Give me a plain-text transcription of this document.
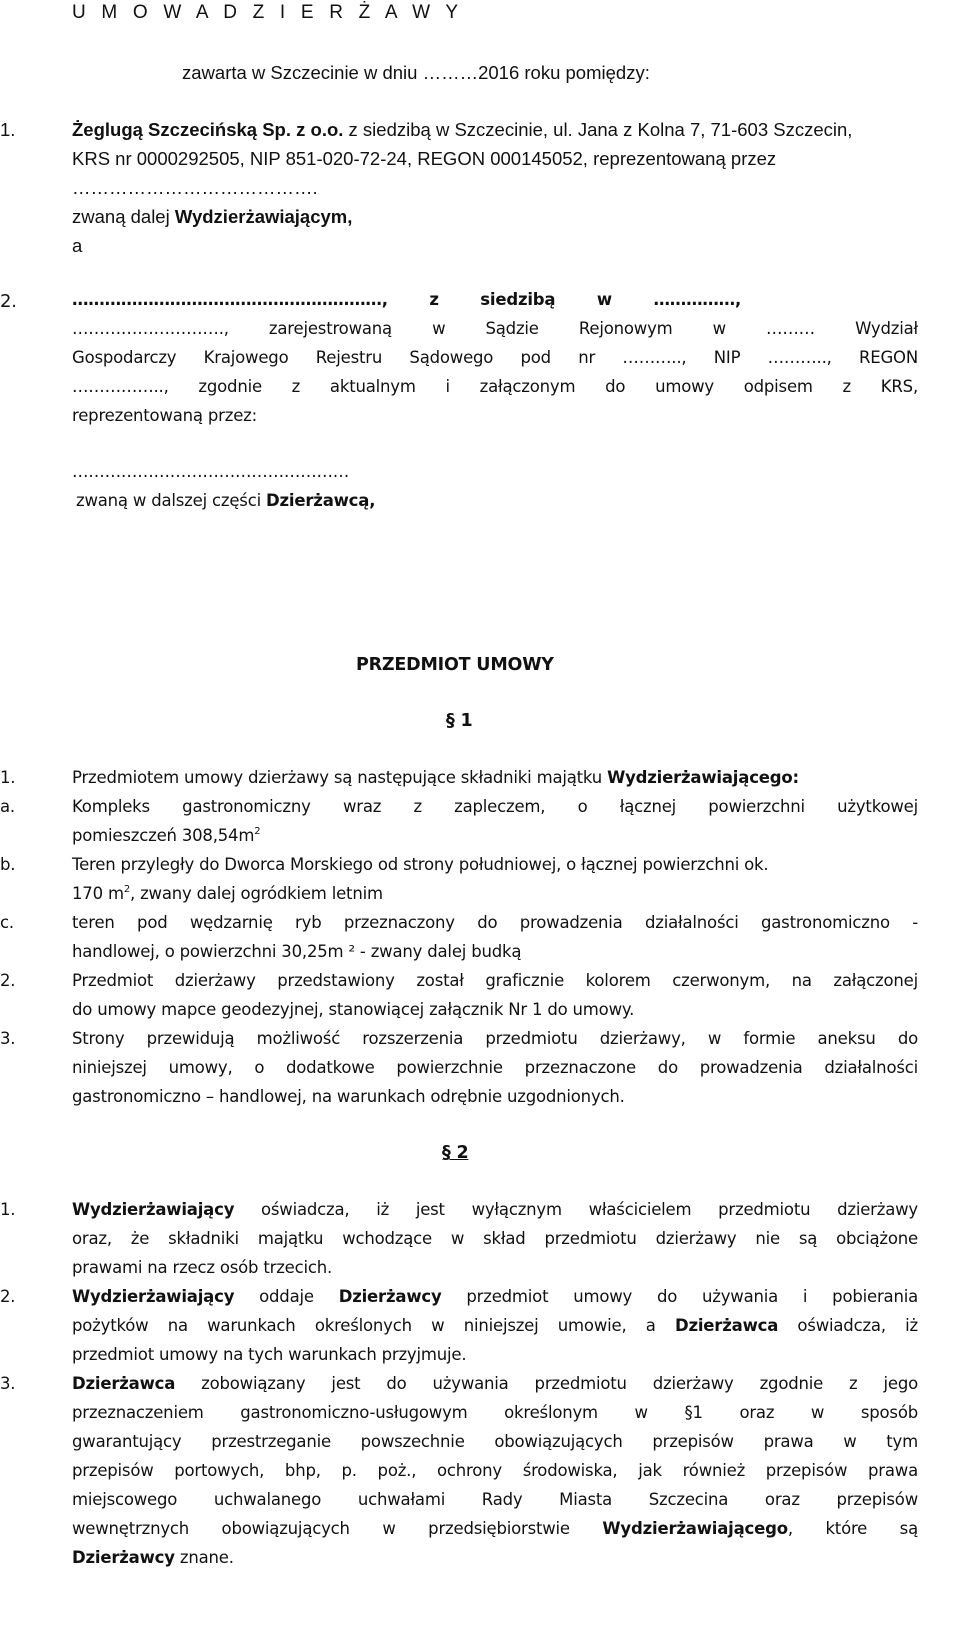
U M O W A D Z I E R Ż A W Y
zawarta w Szczecinie w dniu ………2016 roku pomiędzy:
1.	Żeglugą Szczecińską Sp. z o.o. z siedzibą w Szczecinie, ul. Jana z Kolna 7, 71-603 Szczecin,
KRS nr 0000292505, NIP 851-020-72-24, REGON 000145052, reprezentowaną przez
………………………………….
zwaną dalej Wydzierżawiającym,
a
2.	…………………………………………………, z siedzibą w ……………,
………………………., zarejestrowaną w Sądzie Rejonowym w ……… Wydział
Gospodarczy Krajowego Rejestru Sądowego pod nr ……….., NIP ……….., REGON
…………….., zgodnie z aktualnym i załączonym do umowy odpisem z KRS,
reprezentowaną przez:
……………………………………………
zwaną w dalszej części Dzierżawcą,
PRZEDMIOT UMOWY
§ 1
1.	Przedmiotem umowy dzierżawy są następujące składniki majątku Wydzierżawiającego:
a.	Kompleks gastronomiczny wraz z zapleczem, o łącznej powierzchni użytkowej
pomieszczeń $308,54m^2$
b.	Teren przyległy do Dworca Morskiego od strony południowej, o łącznej powierzchni ok.
170 $m^2$, zwany dalej ogródkiem letnim
c.	teren pod wędzarnię ryb przeznaczony do prowadzenia działalności gastronomiczno -
handlowej, o powierzchni 30,25m ² - zwany dalej budką
2.	Przedmiot dzierżawy przedstawiony został graficznie kolorem czerwonym, na załączonej
do umowy mapce geodezyjnej, stanowiącej załącznik Nr 1 do umowy.
3.	Strony przewidują możliwość rozszerzenia przedmiotu dzierżawy, w formie aneksu do
niniejszej umowy, o dodatkowe powierzchnie przeznaczone do prowadzenia działalności
gastronomiczno – handlowej, na warunkach odrębnie uzgodnionych.
§ 2
1.	Wydzierżawiający oświadcza, iż jest wyłącznym właścicielem przedmiotu dzierżawy
oraz, że składniki majątku wchodzące w skład przedmiotu dzierżawy nie są obciążone
prawami na rzecz osób trzecich.
2.	Wydzierżawiający oddaje Dzierżawcy przedmiot umowy do używania i pobierania
pożytków na warunkach określonych w niniejszej umowie, a Dzierżawca oświadcza, iż
przedmiot umowy na tych warunkach przyjmuje.
3.	Dzierżawca zobowiązany jest do używania przedmiotu dzierżawy zgodnie z jego
przeznaczeniem gastronomiczno-usługowym określonym w §1 oraz w sposób
gwarantujący przestrzeganie powszechnie obowiązujących przepisów prawa w tym
przepisów portowych, bhp, p. poż., ochrony środowiska, jak również przepisów prawa
miejscowego uchwalanego uchwałami Rady Miasta Szczecina oraz przepisów
wewnętrznych obowiązujących w przedsiębiorstwie Wydzierżawiającego, które są
Dzierżawcy znane.
